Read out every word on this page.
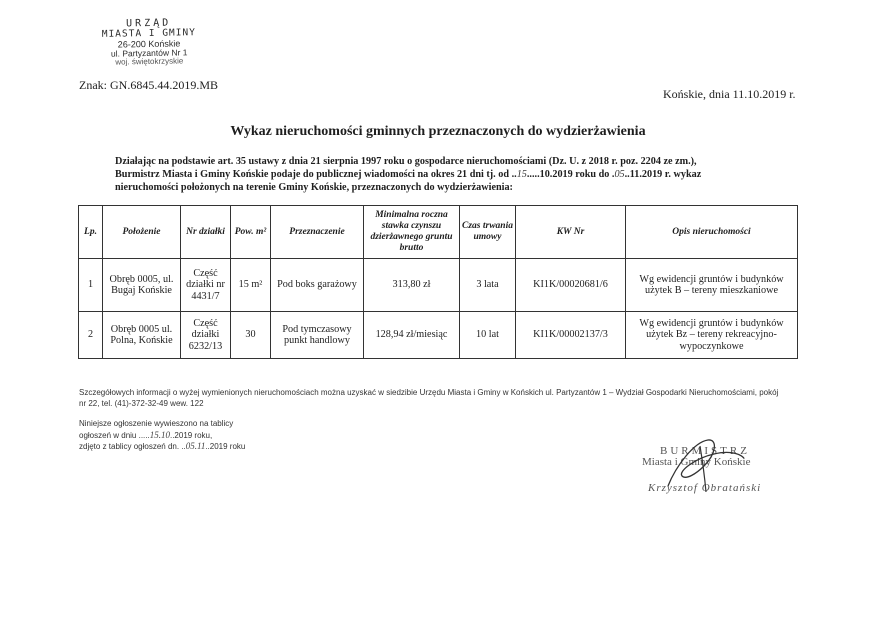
URZĄD
MIASTA I GMINY
26-200 Końskie
ul. Partyzantów Nr 1
woj. świętokrzyskie
Znak: GN.6845.44.2019.MB
Końskie, dnia 11.10.2019 r.
Wykaz nieruchomości gminnych przeznaczonych do wydzierżawienia
Działając na podstawie art. 35 ustawy z dnia 21 sierpnia 1997 roku o gospodarce nieruchomościami (Dz. U. z 2018 r. poz. 2204 ze zm.),
Burmistrz Miasta i Gminy Końskie podaje do publicznej wiadomości na okres 21 dni tj. od ..15.....10.2019 roku do .05..11.2019 r. wykaz
nieruchomości położonych na terenie Gminy Końskie, przeznaczonych do wydzierżawienia:
Lp.	Położenie	Nr działki	Pow. m²	Przeznaczenie	Minimalna roczna stawka czynszu dzierżawnego gruntu brutto	Czas trwania umowy	KW Nr	Opis nieruchomości
1	Obręb 0005, ul. Bugaj Końskie	Część działki nr 4431/7	15 m²	Pod boks garażowy	313,80 zł	3 lata	KI1K/00020681/6	Wg ewidencji gruntów i budynków użytek B – tereny mieszkaniowe
2	Obręb 0005 ul. Polna, Końskie	Część działki 6232/13	30	Pod tymczasowy punkt handlowy	128,94 zł/miesiąc	10 lat	KI1K/00002137/3	Wg ewidencji gruntów i budynków użytek Bz – tereny rekreacyjno-wypoczynkowe
Szczegółowych informacji o wyżej wymienionych nieruchomościach można uzyskać w siedzibie Urzędu Miasta i Gminy w Końskich ul. Partyzantów 1 – Wydział Gospodarki Nieruchomościami, pokój nr 22, tel. (41)-372-32-49 wew. 122
Niniejsze ogłoszenie wywieszono na tablicy
ogłoszeń w dniu .....15.10..2019 roku,
zdjęto z tablicy ogłoszeń dn. ..05.11..2019 roku	BURMISTRZ
Miasta i Gminy Końskie
Krzysztof Obratański
